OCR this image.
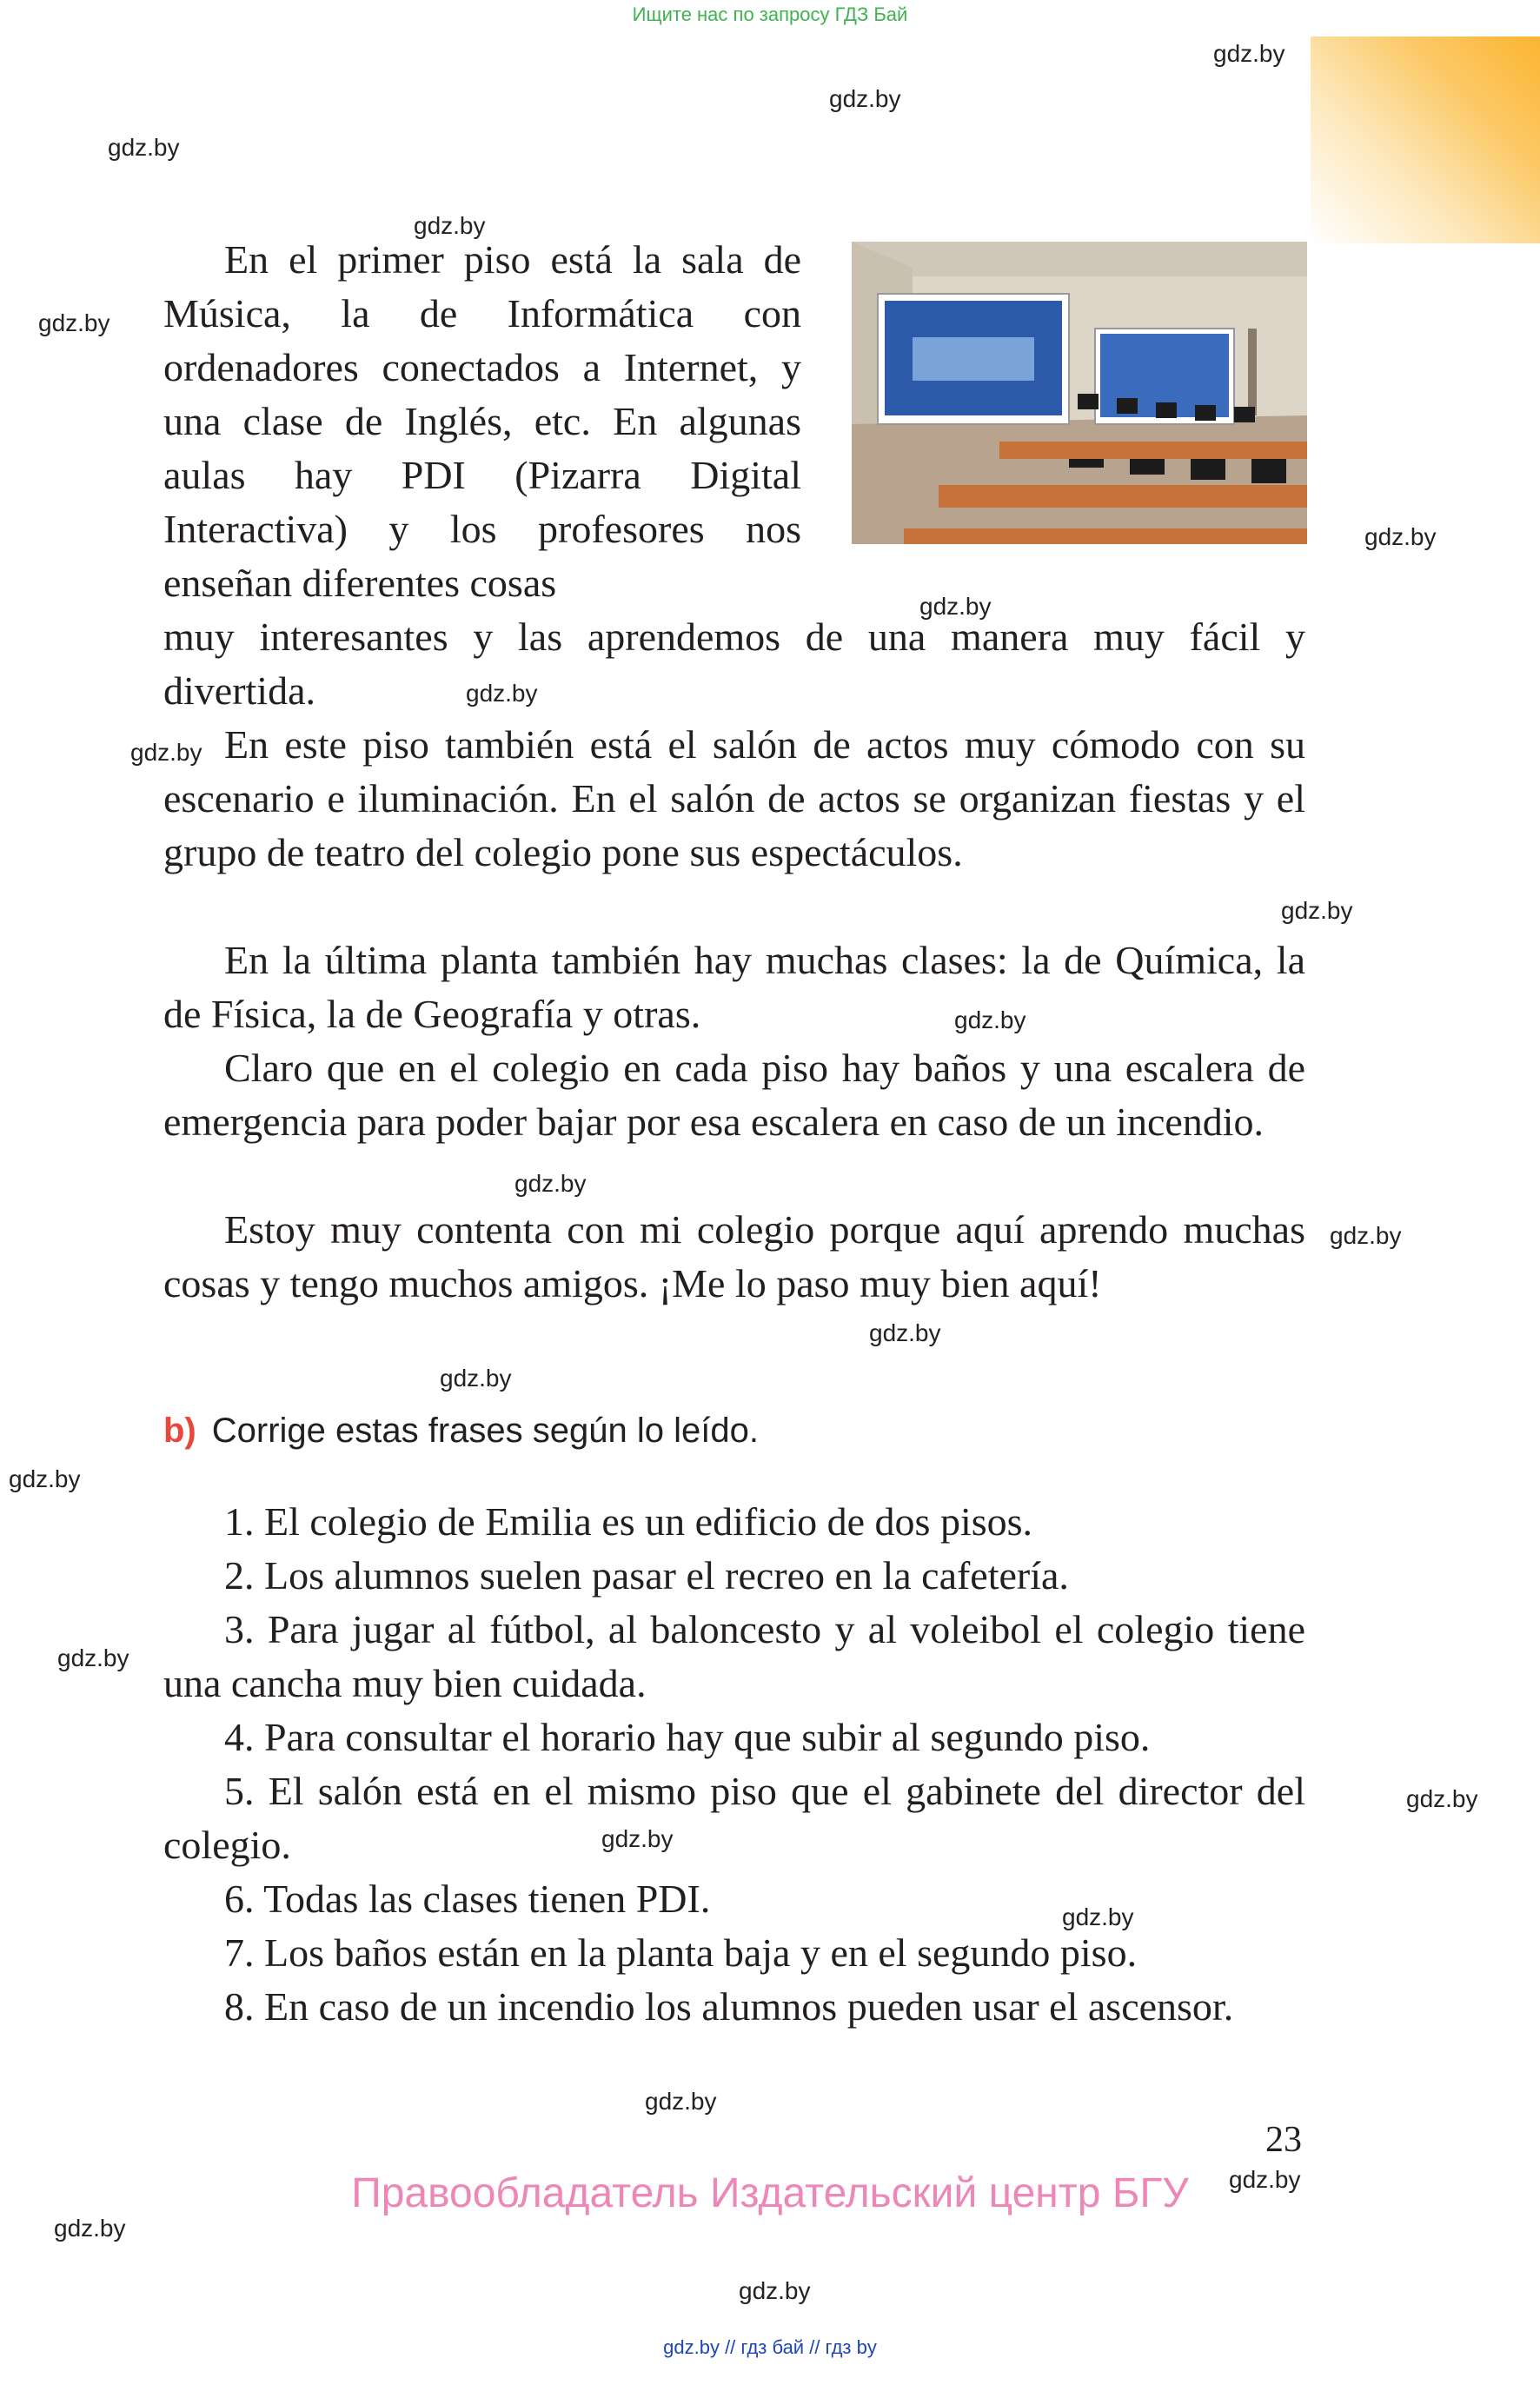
Ищите нас по запросу ГДЗ Бай
gdz.by
gdz.by
gdz.by
gdz.by
gdz.by
gdz.by
gdz.by
gdz.by
gdz.by
gdz.by
gdz.by
gdz.by
gdz.by
gdz.by
gdz.by
gdz.by
gdz.by
gdz.by
gdz.by
gdz.by
gdz.by
gdz.by
gdz.by
gdz.by
En el primer piso está la sala de Música, la de Informática con ordenadores conectados a Internet, y una clase de Inglés, etc. En algunas aulas hay PDI (Pizarra Digital Interactiva) y los profesores nos enseñan diferentes cosas
muy interesantes y las aprendemos de una manera muy fácil y divertida.
En este piso también está el salón de actos muy cómodo con su escenario e iluminación. En el salón de actos se organizan fiestas y el grupo de teatro del colegio pone sus espectáculos.
En la última planta también hay muchas clases: la de Química, la de Física, la de Geografía y otras.
Claro que en el colegio en cada piso hay baños y una escalera de emergencia para poder bajar por esa escalera en caso de un incendio.
Estoy muy contenta con mi colegio porque aquí aprendo muchas cosas y tengo muchos amigos. ¡Me lo paso muy bien aquí!
b) Corrige estas frases según lo leído.
1. El colegio de Emilia es un edificio de dos pisos.
2. Los alumnos suelen pasar el recreo en la cafetería.
3. Para jugar al fútbol, al baloncesto y al voleibol el colegio tiene una cancha muy bien cuidada.
4. Para consultar el horario hay que subir al segundo piso.
5. El salón está en el mismo piso que el gabinete del director del colegio.
6. Todas las clases tienen PDI.
7. Los baños están en la planta baja y en el segundo piso.
8. En caso de un incendio los alumnos pueden usar el ascensor.
23
Правообладатель Издательский центр БГУ
gdz.by // гдз бай // гдз by
